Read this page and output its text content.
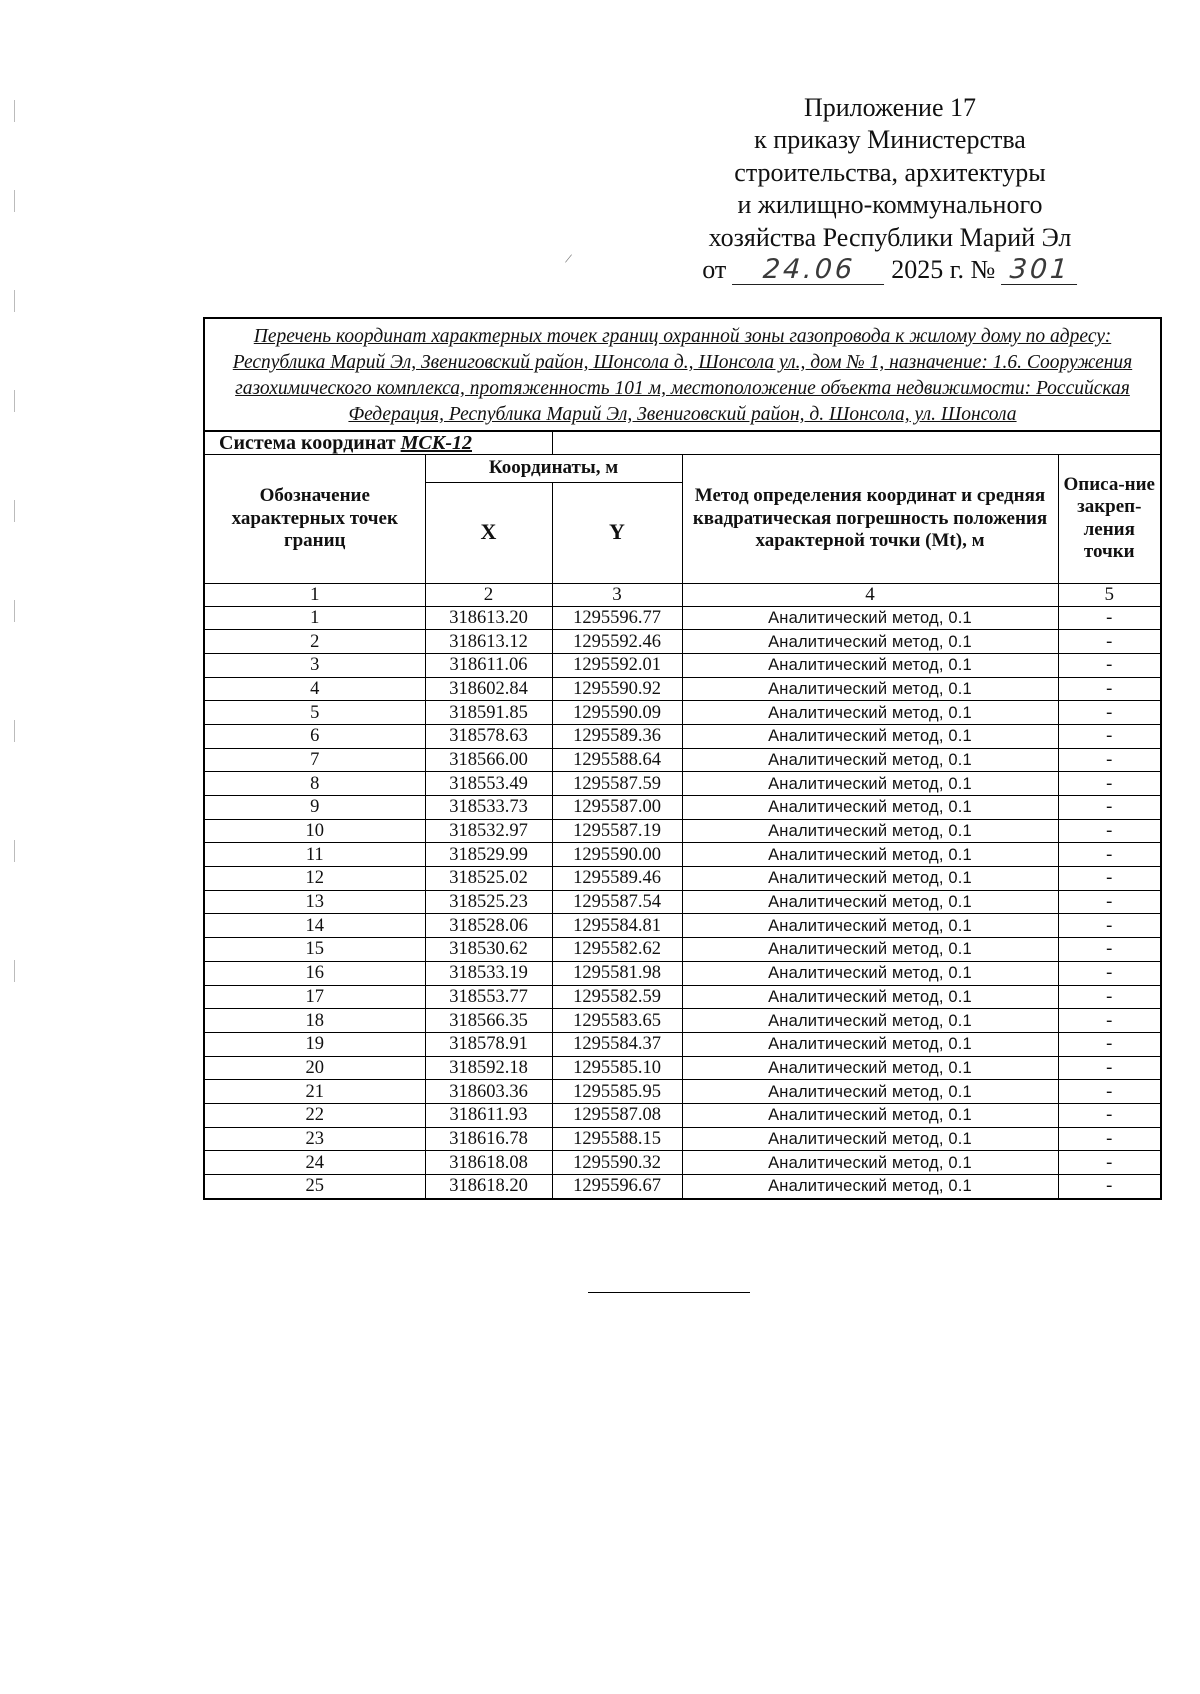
Приложение 17
к приказу Министерства
строительства, архитектуры
и жилищно-коммунального
хозяйства Республики Марий Эл
от 24.06 2025 г. № 301
/
Перечень координат характерных точек границ охранной зоны газопровода к жилому дому по адресу: Республика Марий Эл, Звениговский район, Шонсола д., Шонсола ул., дом № 1, назначение: 1.6. Сооружения газохимического комплекса, протяженность 101 м, местоположение объекта недвижимости: Российская Федерация, Республика Марий Эл, Звениговский район, д. Шонсола, ул. Шонсола				
Система координат МСК-12				
Обозначение характерных точек границ	Координаты, м		Метод определения координат и средняя квадратическая погрешность положения характерной точки (Mt), м	Описа-ние закреп-ления точки
	X	Y		
1	2	3	4	5
1	318613.20	1295596.77	Аналитический метод, 0.1	-
2	318613.12	1295592.46	Аналитический метод, 0.1	-
3	318611.06	1295592.01	Аналитический метод, 0.1	-
4	318602.84	1295590.92	Аналитический метод, 0.1	-
5	318591.85	1295590.09	Аналитический метод, 0.1	-
6	318578.63	1295589.36	Аналитический метод, 0.1	-
7	318566.00	1295588.64	Аналитический метод, 0.1	-
8	318553.49	1295587.59	Аналитический метод, 0.1	-
9	318533.73	1295587.00	Аналитический метод, 0.1	-
10	318532.97	1295587.19	Аналитический метод, 0.1	-
11	318529.99	1295590.00	Аналитический метод, 0.1	-
12	318525.02	1295589.46	Аналитический метод, 0.1	-
13	318525.23	1295587.54	Аналитический метод, 0.1	-
14	318528.06	1295584.81	Аналитический метод, 0.1	-
15	318530.62	1295582.62	Аналитический метод, 0.1	-
16	318533.19	1295581.98	Аналитический метод, 0.1	-
17	318553.77	1295582.59	Аналитический метод, 0.1	-
18	318566.35	1295583.65	Аналитический метод, 0.1	-
19	318578.91	1295584.37	Аналитический метод, 0.1	-
20	318592.18	1295585.10	Аналитический метод, 0.1	-
21	318603.36	1295585.95	Аналитический метод, 0.1	-
22	318611.93	1295587.08	Аналитический метод, 0.1	-
23	318616.78	1295588.15	Аналитический метод, 0.1	-
24	318618.08	1295590.32	Аналитический метод, 0.1	-
25	318618.20	1295596.67	Аналитический метод, 0.1	-
